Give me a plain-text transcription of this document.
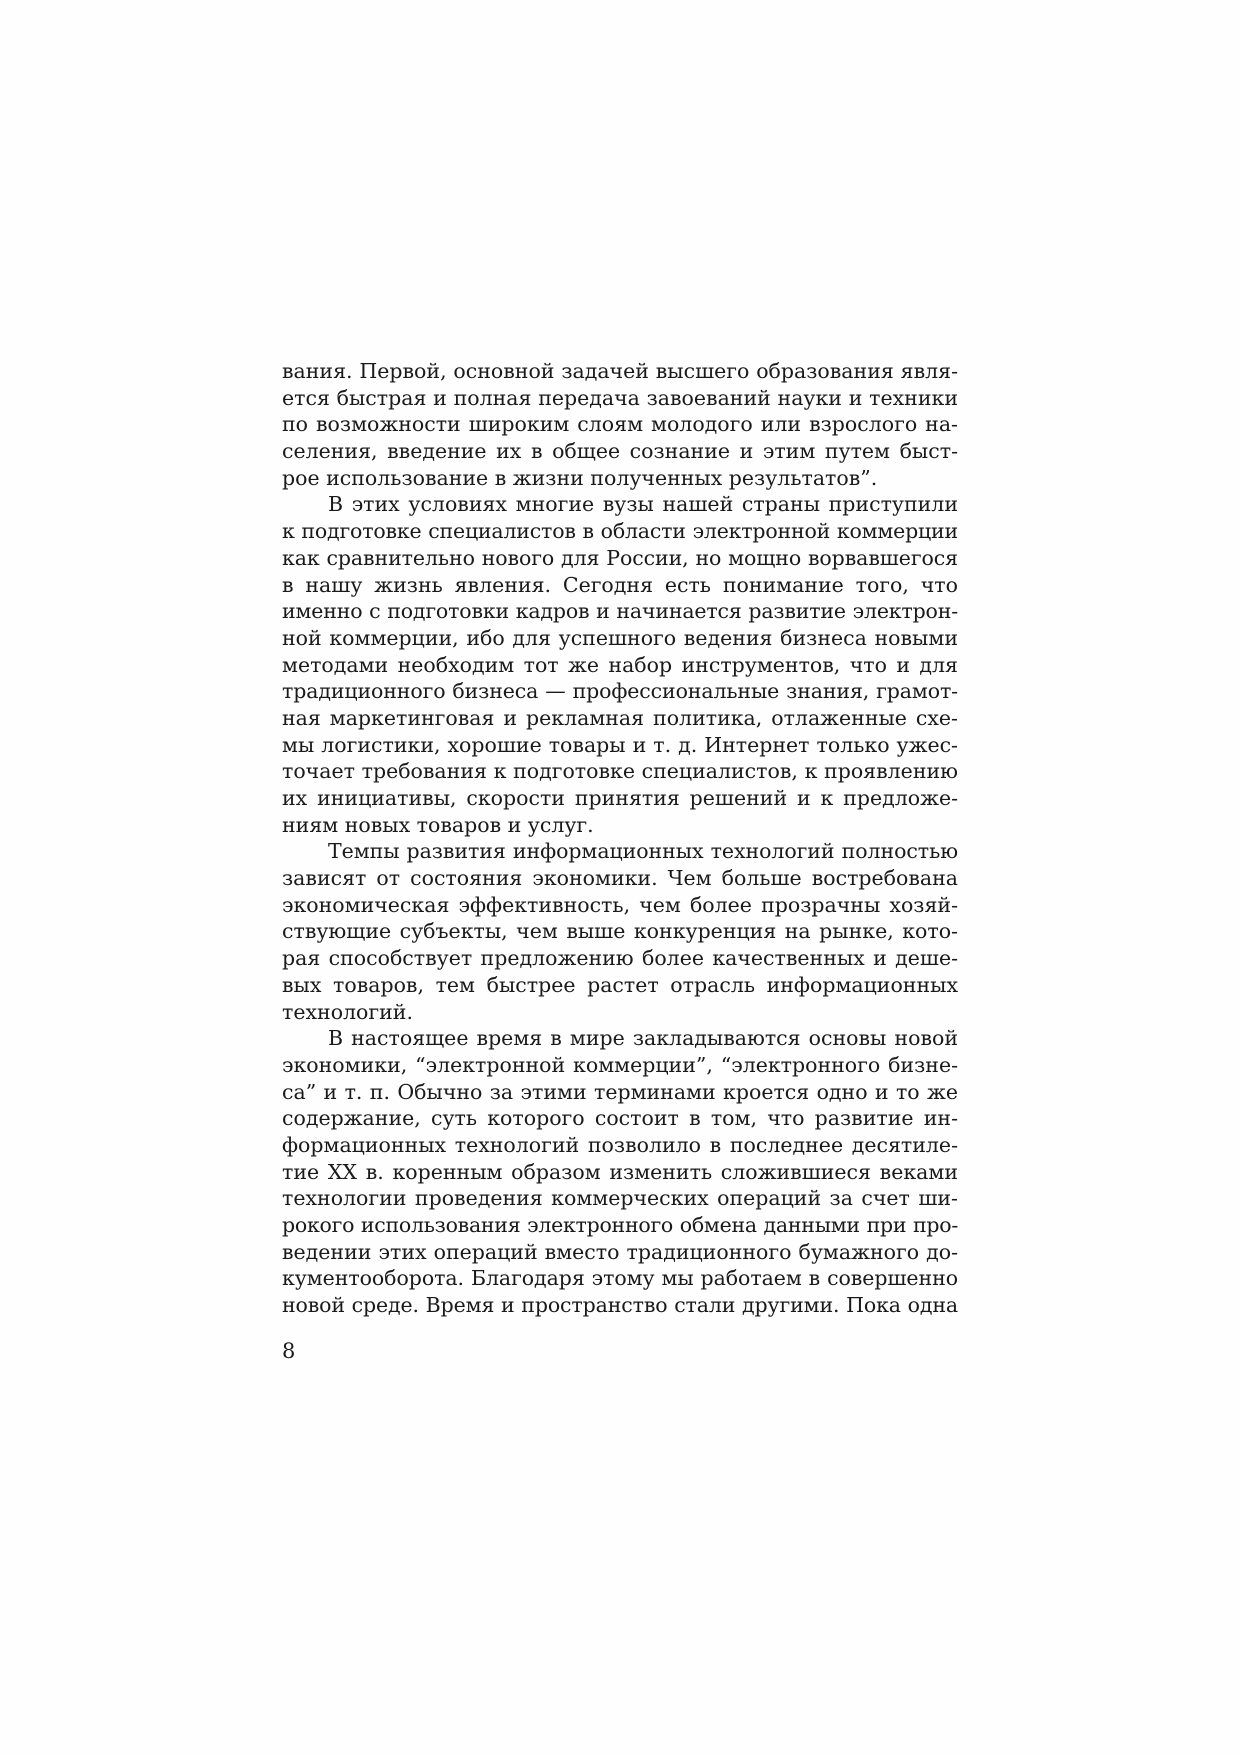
вания. Первой, основной задачей высшего образования явля-
ется быстрая и полная передача завоеваний науки и техники
по возможности широким слоям молодого или взрослого на-
селения, введение их в общее сознание и этим путем быст-
рое использование в жизни полученных результатов”.
В этих условиях многие вузы нашей страны приступили
к подготовке специалистов в области электронной коммерции
как сравнительно нового для России, но мощно ворвавшегося
в нашу жизнь явления. Сегодня есть понимание того, что
именно с подготовки кадров и начинается развитие электрон-
ной коммерции, ибо для успешного ведения бизнеса новыми
методами необходим тот же набор инструментов, что и для
традиционного бизнеса — профессиональные знания, грамот-
ная маркетинговая и рекламная политика, отлаженные схе-
мы логистики, хорошие товары и т. д. Интернет только ужес-
точает требования к подготовке специалистов, к проявлению
их инициативы, скорости принятия решений и к предложе-
ниям новых товаров и услуг.
Темпы развития информационных технологий полностью
зависят от состояния экономики. Чем больше востребована
экономическая эффективность, чем более прозрачны хозяй-
ствующие субъекты, чем выше конкуренция на рынке, кото-
рая способствует предложению более качественных и деше-
вых товаров, тем быстрее растет отрасль информационных
технологий.
В настоящее время в мире закладываются основы новой
экономики, “электронной коммерции”, “электронного бизне-
са” и т. п. Обычно за этими терминами кроется одно и то же
содержание, суть которого состоит в том, что развитие ин-
формационных технологий позволило в последнее десятиле-
тие XX в. коренным образом изменить сложившиеся веками
технологии проведения коммерческих операций за счет ши-
рокого использования электронного обмена данными при про-
ведении этих операций вместо традиционного бумажного до-
кументооборота. Благодаря этому мы работаем в совершенно
новой среде. Время и пространство стали другими. Пока одна
8
